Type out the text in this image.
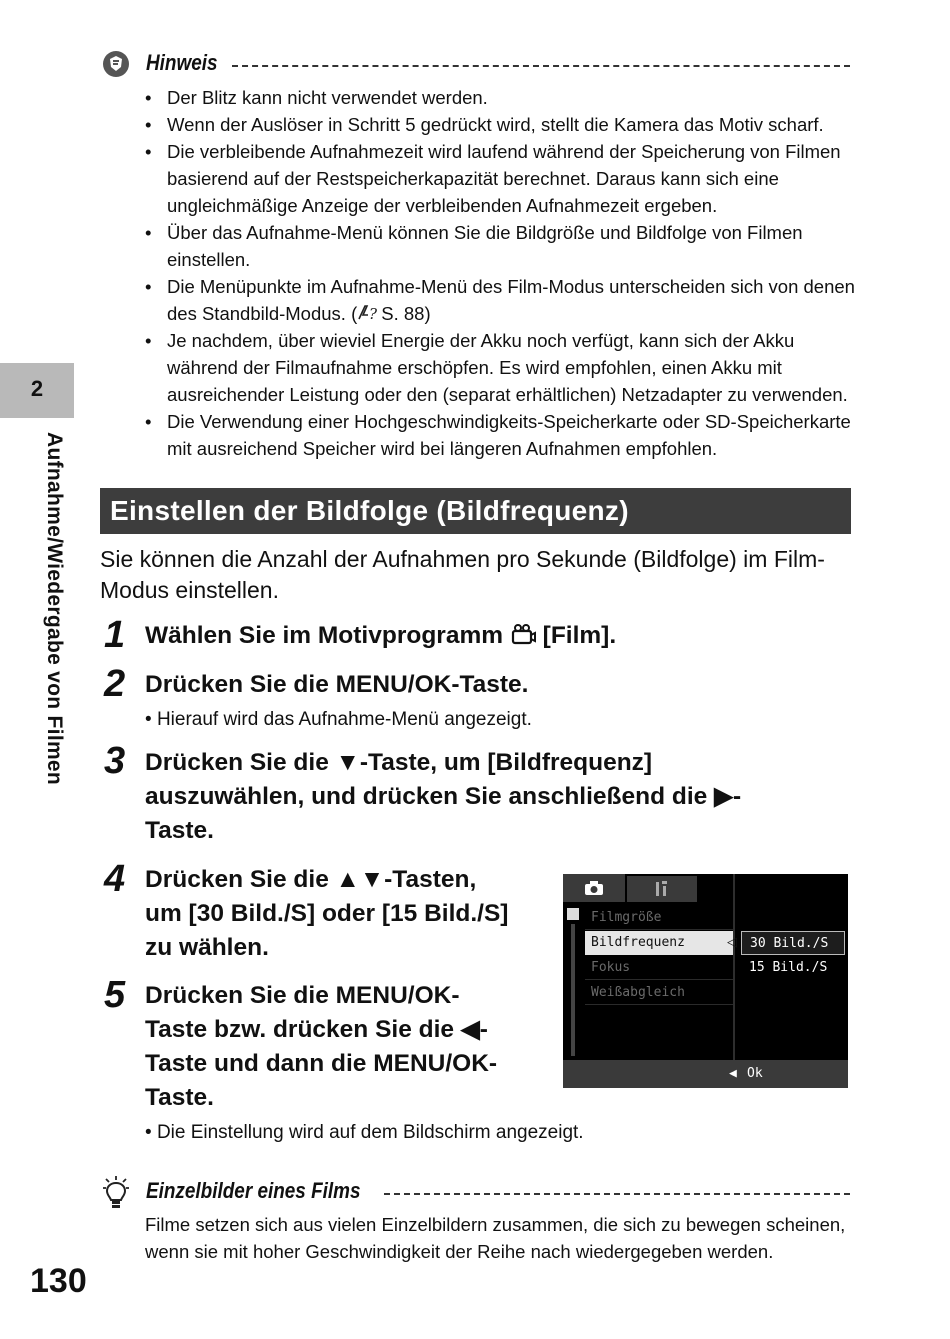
2
Aufnahme/Wiedergabe von Filmen
130
Hinweis
• Der Blitz kann nicht verwendet werden.
• Wenn der Auslöser in Schritt 5 gedrückt wird, stellt die Kamera das Motiv scharf.
• Die verbleibende Aufnahmezeit wird laufend während der Speicherung von Filmen basierend auf der Restspeicherkapazität berechnet. Daraus kann sich eine ungleichmäßige Anzeige der verbleibenden Aufnahmezeit ergeben.
• Über das Aufnahme-Menü können Sie die Bildgröße und Bildfolge von Filmen einstellen.
• Die Menüpunkte im Aufnahme-Menü des Film-Modus unterscheiden sich von denen des Standbild-Modus. ( ? S. 88)
• Je nachdem, über wieviel Energie der Akku noch verfügt, kann sich der Akku während der Filmaufnahme erschöpfen. Es wird empfohlen, einen Akku mit ausreichender Leistung oder den (separat erhältlichen) Netzadapter zu verwenden.
• Die Verwendung einer Hochgeschwindigkeits-Speicherkarte oder SD-Speicherkarte mit ausreichend Speicher wird bei längeren Aufnahmen empfohlen.
Einstellen der Bildfolge (Bildfrequenz)
Sie können die Anzahl der Aufnahmen pro Sekunde (Bildfolge) im Film-Modus einstellen.
1 Wählen Sie im Motivprogramm [Film].
2 Drücken Sie die MENU/OK-Taste.
• Hierauf wird das Aufnahme-Menü angezeigt.
3 Drücken Sie die ▼-Taste, um [Bildfrequenz]
auszuwählen, und drücken Sie anschließend die ▶-
Taste.
4 Drücken Sie die ▲▼-Tasten,
um [30 Bild./S] oder [15 Bild./S]
zu wählen.
5 Drücken Sie die MENU/OK-
Taste bzw. drücken Sie die ◀-
Taste und dann die MENU/OK-
Taste.
• Die Einstellung wird auf dem Bildschirm angezeigt.
Filmgröße
Bildfrequenz
Fokus
Weißabgleich
◁	30 Bild./S
15 Bild./S
◀ Ok
Einzelbilder eines Films
Filme setzen sich aus vielen Einzelbildern zusammen, die sich zu bewegen scheinen, wenn sie mit hoher Geschwindigkeit der Reihe nach wiedergegeben werden.
